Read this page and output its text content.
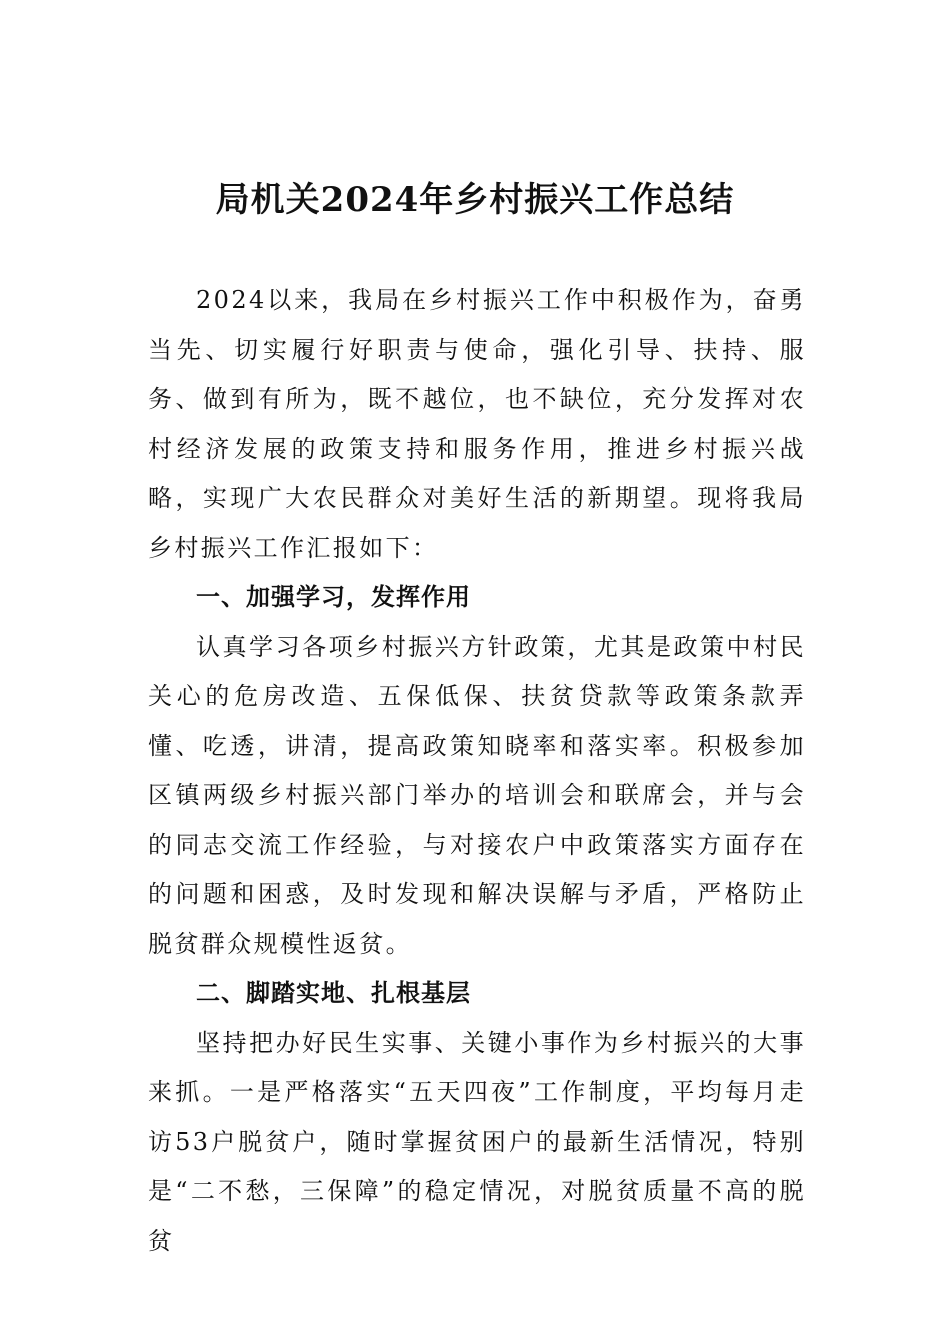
局机关2024年乡村振兴工作总结

2024以来，我局在乡村振兴工作中积极作为，奋勇当先、切实履行好职责与使命，强化引导、扶持、服务、做到有所为，既不越位，也不缺位，充分发挥对农村经济发展的政策支持和服务作用，推进乡村振兴战略，实现广大农民群众对美好生活的新期望。现将我局乡村振兴工作汇报如下：

一、加强学习，发挥作用

认真学习各项乡村振兴方针政策，尤其是政策中村民关心的危房改造、五保低保、扶贫贷款等政策条款弄懂、吃透，讲清，提高政策知晓率和落实率。积极参加区镇两级乡村振兴部门举办的培训会和联席会，并与会的同志交流工作经验，与对接农户中政策落实方面存在的问题和困惑，及时发现和解决误解与矛盾，严格防止脱贫群众规模性返贫。

二、脚踏实地、扎根基层

坚持把办好民生实事、关键小事作为乡村振兴的大事来抓。一是严格落实“五天四夜”工作制度，平均每月走访53户脱贫户，随时掌握贫困户的最新生活情况，特别是“二不愁，三保障”的稳定情况，对脱贫质量不高的脱贫
